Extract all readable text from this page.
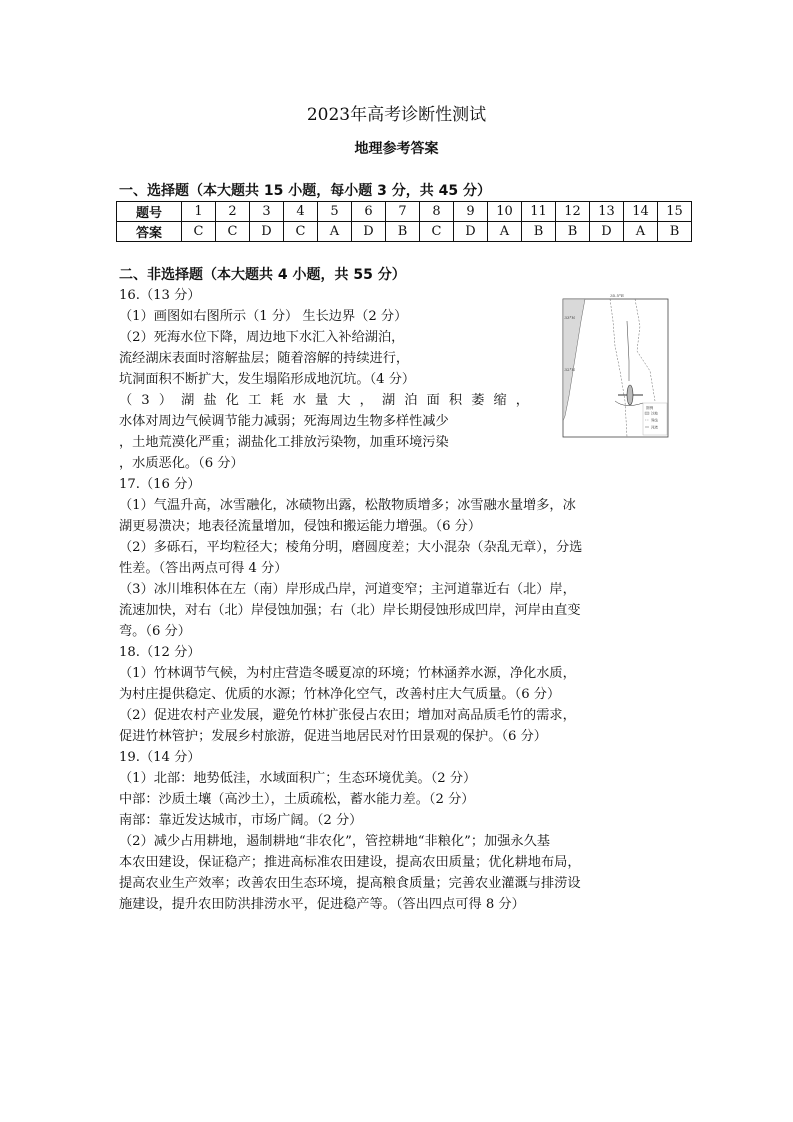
2023年高考诊断性测试
地理参考答案
一、选择题（本大题共 15 小题，每小题 3 分，共 45 分）
题号	1	2	3	4	5	6	7	8	9	10	11	12	13	14	15
答案	C	C	D	C	A	D	B	C	D	A	B	B	D	A	B
二、非选择题（本大题共 4 小题，共 55 分）

16.（13 分）

（1）画图如右图所示（1 分） 生长边界（2 分）

（2）死海水位下降，周边地下水汇入补给湖泊，

流经湖床表面时溶解盐层；随着溶解的持续进行，

坑洞面积不断扩大，发生塌陷形成地沉坑。（4 分）

（3）湖盐化工耗水量大，湖泊面积萎缩，

水体对周边气候调节能力减弱；死海周边生物多样性减少

，土地荒漠化严重；湖盐化工排放污染物，加重环境污染

，水质恶化。（6 分）

17.（16 分）

（1）气温升高，冰雪融化，冰碛物出露，松散物质增多；冰雪融水量增多，冰

湖更易溃决；地表径流量增加，侵蚀和搬运能力增强。（6 分）

（2）多砾石，平均粒径大；棱角分明，磨圆度差；大小混杂（杂乱无章），分选

性差。（答出两点可得 4 分）

（3）冰川堆积体在左（南）岸形成凸岸，河道变窄；主河道靠近右（北）岸，

流速加快，对右（北）岸侵蚀加强；右（北）岸长期侵蚀形成凹岸，河岸由直变

弯。（6 分）

18.（12 分）

（1）竹林调节气候，为村庄营造冬暖夏凉的环境；竹林涵养水源，净化水质，

为村庄提供稳定、优质的水源；竹林净化空气，改善村庄大气质量。（6 分）

（2）促进农村产业发展，避免竹林扩张侵占农田；增加对高品质毛竹的需求，

促进竹林管护；发展乡村旅游，促进当地居民对竹田景观的保护。（6 分）

19.（14 分）

（1）北部：地势低洼，水域面积广；生态环境优美。（2 分）

中部：沙质土壤（高沙土），土质疏松，蓄水能力差。（2 分）

南部：靠近发达城市，市场广阔。（2 分）

（2）减少占用耕地，遏制耕地“非农化”，管控耕地“非粮化”；加强永久基

本农田建设，保证稳产；推进高标准农田建设，提高农田质量；优化耕地布局，

提高农业生产效率；改善农田生态环境，提高粮食质量；完善农业灌溉与排涝设

施建设，提升农田防洪排涝水平，促进稳产等。（答出四点可得 8 分）

33°N
32°N
35.5°E
图例
沙地
界线
河流
